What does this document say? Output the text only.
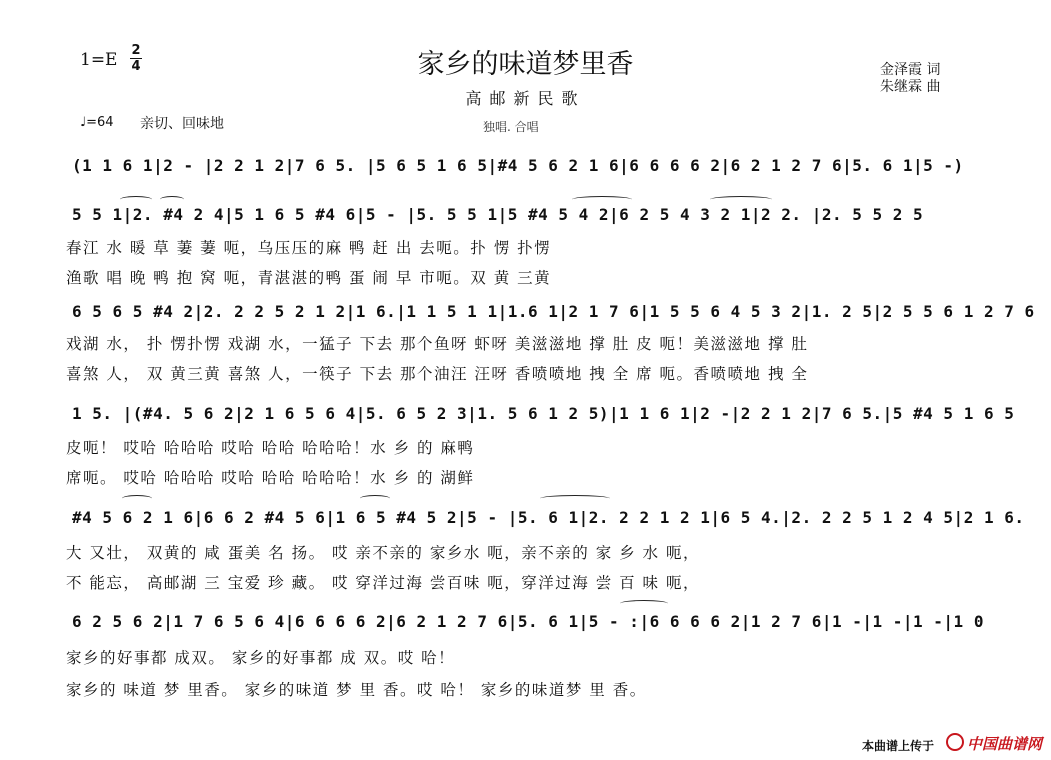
1=E 2
4	家乡的味道梦里香
高邮新民歌
金泽霞 词
朱继霖 曲
♩=64 亲切、回味地	独唱. 合唱
(1 1 6 1|2 - |2 2 1 2|7 6 5. |5 6 5 1 6 5|#4 5 6 2 1 6|6 6 6 6 2|6 2 1 2 7 6|5. 6 1|5 -)
5 5 1|2. #4 2 4|5 1 6 5 #4 6|5 - |5. 5 5 1|5 #4 5 4 2|6 2 5 4 3 2 1|2 2. |2. 5 5 2 5
春江 水 暖 草 萋 萋 呃，乌压压的麻 鸭 赶 出 去呃。扑 愣 扑愣
渔歌 唱 晚 鸭 抱 窝 呃，青湛湛的鸭 蛋 闹 早 市呃。双 黄 三黄
6 5 6 5 #4 2|2. 2 2 5 2 1 2|1 6.|1 1 5 1 1|1.6 1|2 1 7 6|1 5 5 6 4 5 3 2|1. 2 5|2 5 5 6 1 2 7 6
戏湖 水， 扑 愣扑愣 戏湖 水，一猛子 下去 那个鱼呀 虾呀 美滋滋地 撑 肚 皮 呃！美滋滋地 撑 肚
喜煞 人， 双 黄三黄 喜煞 人，一筷子 下去 那个油汪 汪呀 香喷喷地 拽 全 席 呃。香喷喷地 拽 全
1 5. |(#4. 5 6 2|2 1 6 5 6 4|5. 6 5 2 3|1. 5 6 1 2 5)|1 1 6 1|2 -|2 2 1 2|7 6 5.|5 #4 5 1 6 5
皮呃！ 哎哈 哈哈哈 哎哈 哈哈 哈哈哈！水 乡 的 麻鸭
席呃。 哎哈 哈哈哈 哎哈 哈哈 哈哈哈！水 乡 的 湖鲜
#4 5 6 2 1 6|6 6 2 #4 5 6|1 6 5 #4 5 2|5 - |5. 6 1|2. 2 2 1 2 1|6 5 4.|2. 2 2 5 1 2 4 5|2 1 6.
大 又壮， 双黄的 咸 蛋美 名 扬。 哎 亲不亲的 家乡水 呃，亲不亲的 家 乡 水 呃，
不 能忘， 高邮湖 三 宝爱 珍 藏。 哎 穿洋过海 尝百味 呃，穿洋过海 尝 百 味 呃，
6 2 5 6 2|1 7 6 5 6 4|6 6 6 6 2|6 2 1 2 7 6|5. 6 1|5 - :|6 6 6 6 2|1 2 7 6|1 -|1 -|1 -|1 0
家乡的好事都 成双。 家乡的好事都 成 双。哎 哈！
家乡的 味道 梦 里香。 家乡的味道 梦 里 香。哎 哈！ 家乡的味道梦 里 香。
本曲谱上传于	中国曲谱网
